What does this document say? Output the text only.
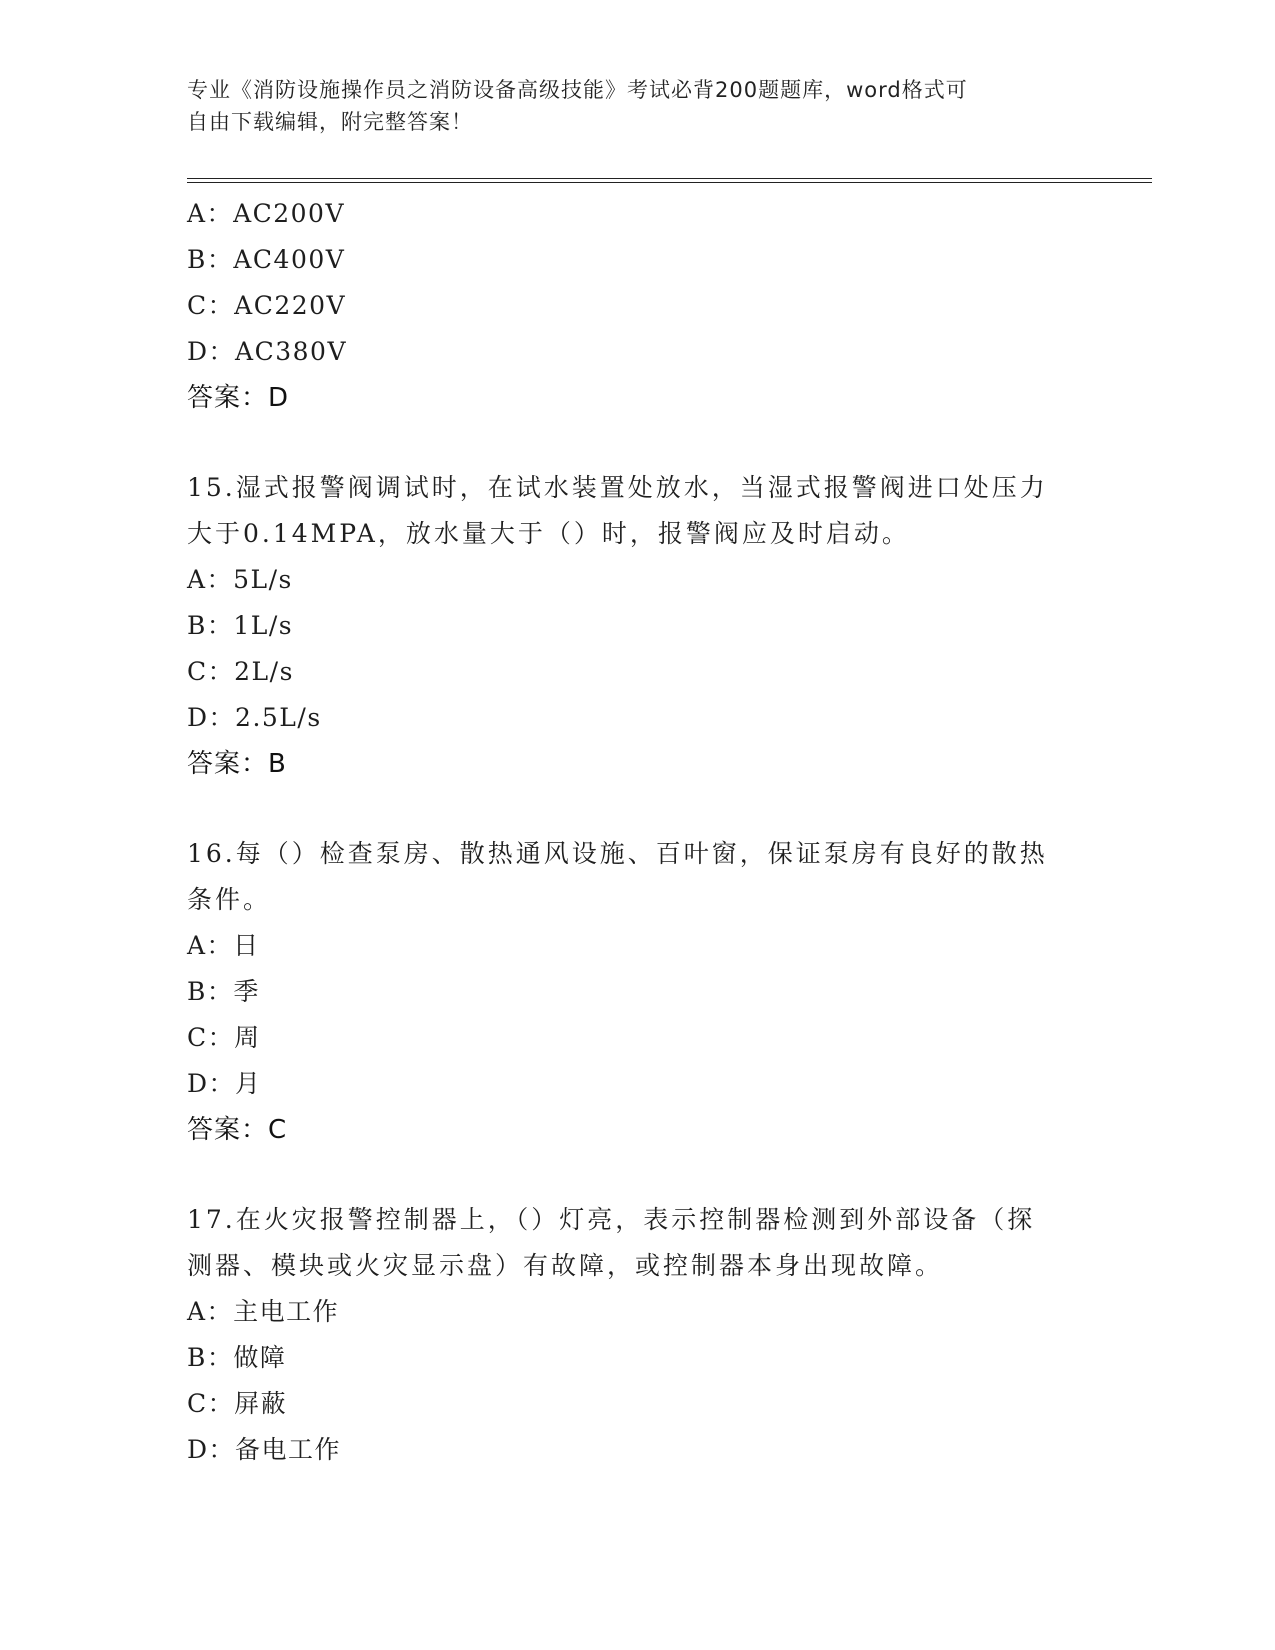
专业《消防设施操作员之消防设备高级技能》考试必背200题题库，word格式可
自由下载编辑，附完整答案！
A：AC200V
B：AC400V
C：AC220V
D：AC380V
答案：D
15.湿式报警阀调试时，在试水装置处放水，当湿式报警阀进口处压力
大于0.14MPA，放水量大于（）时，报警阀应及时启动。
A：5L/s
B：1L/s
C：2L/s
D：2.5L/s
答案：B
16.每（）检查泵房、散热通风设施、百叶窗，保证泵房有良好的散热
条件。
A：日
B：季
C：周
D：月
答案：C
17.在火灾报警控制器上，（）灯亮，表示控制器检测到外部设备（探
测器、模块或火灾显示盘）有故障，或控制器本身出现故障。
A：主电工作
B：做障
C：屏蔽
D：备电工作
